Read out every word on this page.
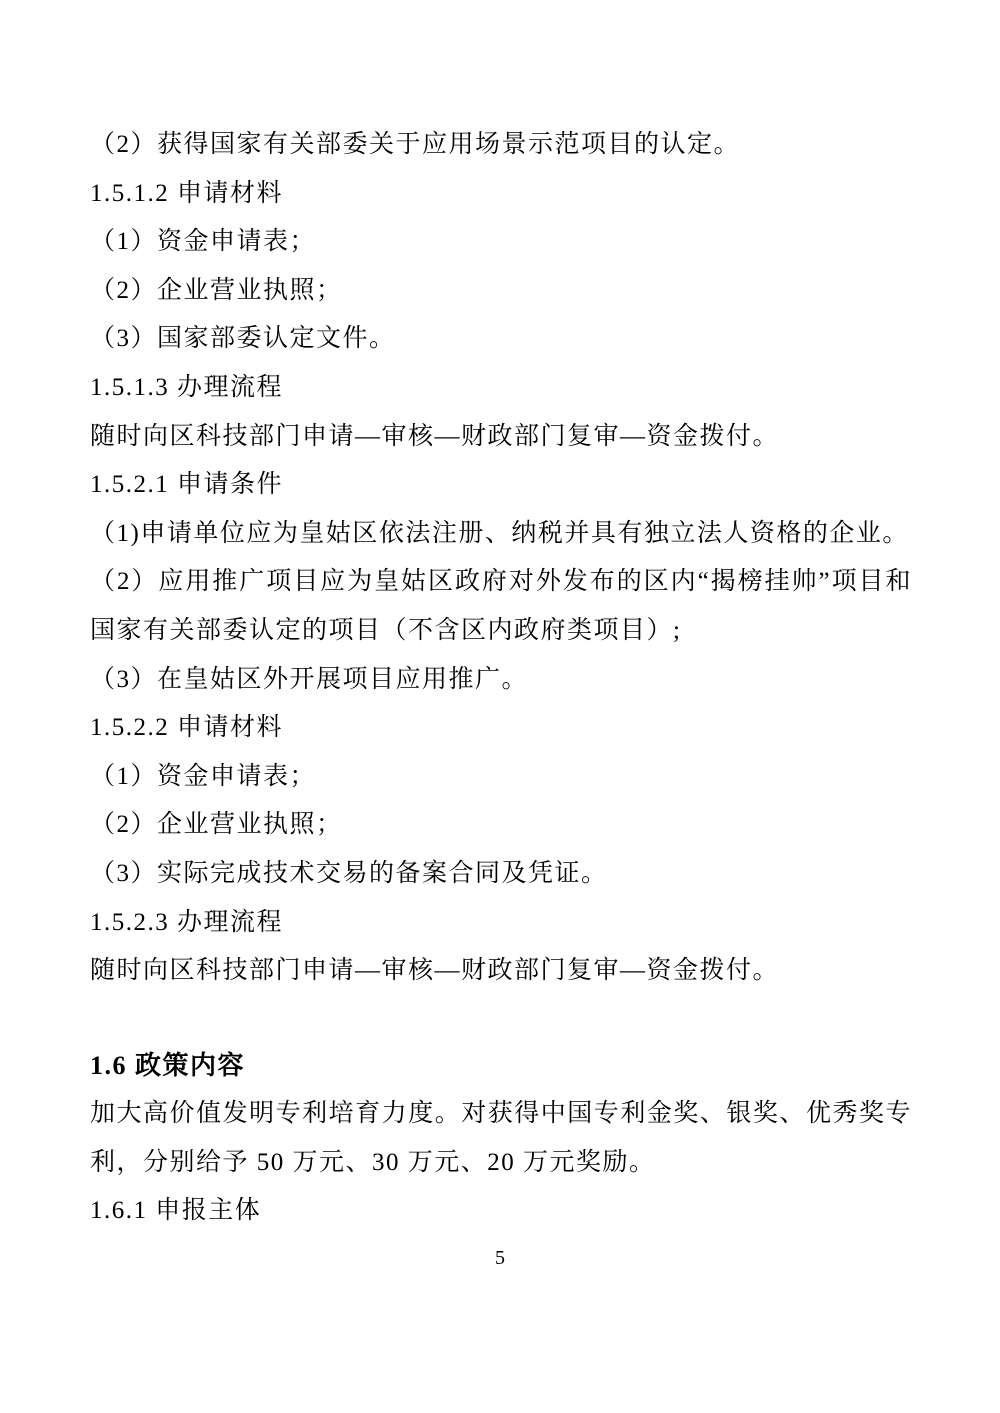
（2）获得国家有关部委关于应用场景示范项目的认定。

1.5.1.2 申请材料

（1）资金申请表；

（2）企业营业执照；

（3）国家部委认定文件。

1.5.1.3 办理流程

随时向区科技部门申请—审核—财政部门复审—资金拨付。

1.5.2.1 申请条件

（1)申请单位应为皇姑区依法注册、纳税并具有独立法人资格的企业。

（2）应用推广项目应为皇姑区政府对外发布的区内“揭榜挂帅”项目和国家有关部委认定的项目（不含区内政府类项目）;

（3）在皇姑区外开展项目应用推广。

1.5.2.2 申请材料

（1）资金申请表；

（2）企业营业执照；

（3）实际完成技术交易的备案合同及凭证。

1.5.2.3 办理流程

随时向区科技部门申请—审核—财政部门复审—资金拨付。

1.6 政策内容

加大高价值发明专利培育力度。对获得中国专利金奖、银奖、优秀奖专利，分别给予 50 万元、30 万元、20 万元奖励。

1.6.1 申报主体

5
